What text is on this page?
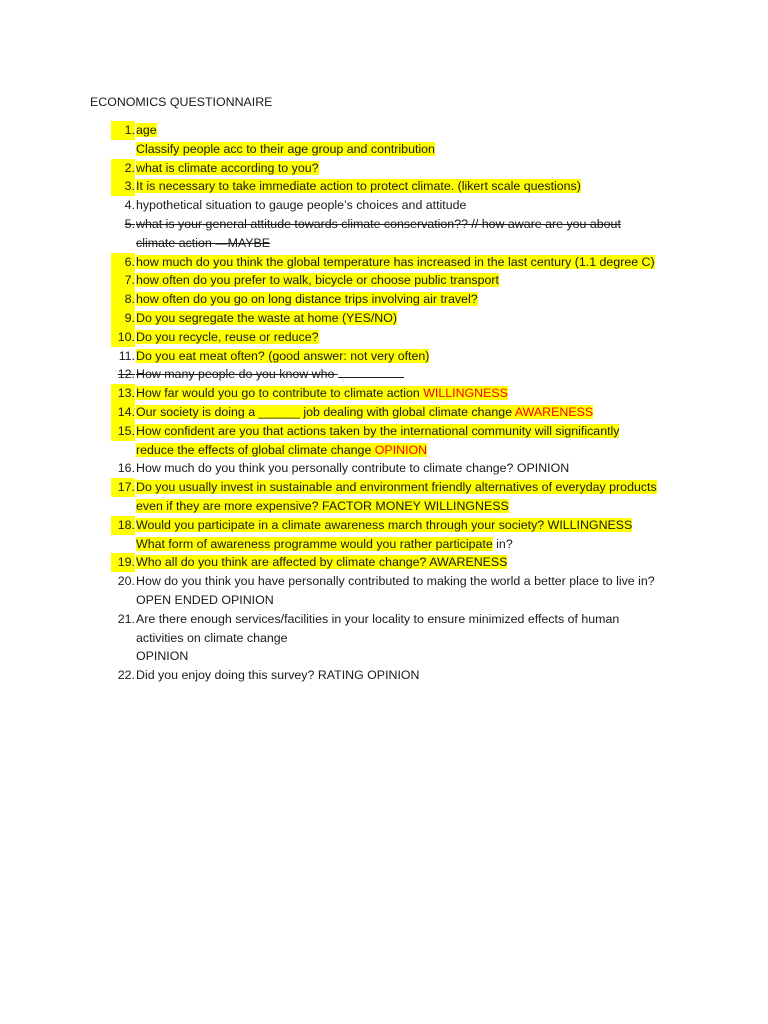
ECONOMICS QUESTIONNAIRE
1. age
Classify people acc to their age group and contribution
2. what is climate according to you?
3. It is necessary to take immediate action to protect climate. (likert scale questions)
4. hypothetical situation to gauge people’s choices and attitude
5. what is your general attitude towards climate conservation?? // how aware are you about
climate action —MAYBE
6. how much do you think the global temperature has increased in the last century (1.1 degree C)
7. how often do you prefer to walk, bicycle or choose public transport
8. how often do you go on long distance trips involving air travel?
9. Do you segregate the waste at home (YES/NO)
10. Do you recycle, reuse or reduce?
11. Do you eat meat often? (good answer: not very often)
12. How many people do you know who
13. How far would you go to contribute to climate action WILLINGNESS
14. Our society is doing a ______ job dealing with global climate change AWARENESS
15. How confident are you that actions taken by the international community will significantly
reduce the effects of global climate change OPINION
16. How much do you think you personally contribute to climate change? OPINION
17. Do you usually invest in sustainable and environment friendly alternatives of everyday products
even if they are more expensive? FACTOR MONEY WILLINGNESS
18. Would you participate in a climate awareness march through your society? WILLINGNESS
What form of awareness programme would you rather participate in?
19. Who all do you think are affected by climate change? AWARENESS
20. How do you think you have personally contributed to making the world a better place to live in?
OPEN ENDED OPINION
21. Are there enough services/facilities in your locality to ensure minimized effects of human
activities on climate change
OPINION
22. Did you enjoy doing this survey? RATING OPINION
